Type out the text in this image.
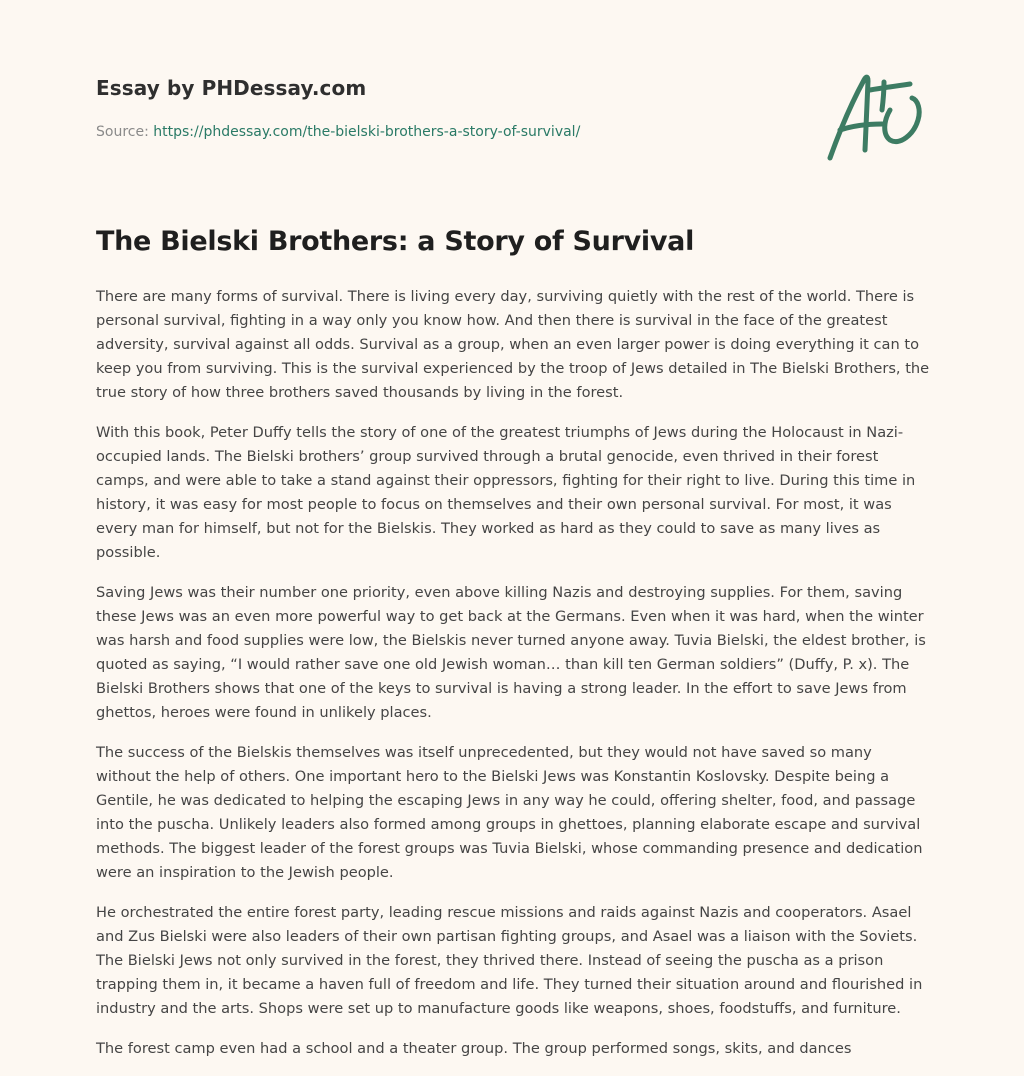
Essay by PHDessay.com
Source: https://phdessay.com/the-bielski-brothers-a-story-of-survival/
The Bielski Brothers: a Story of Survival

There are many forms of survival. There is living every day, surviving quietly with the rest of the world. There is personal survival, fighting in a way only you know how. And then there is survival in the face of the greatest adversity, survival against all odds. Survival as a group, when an even larger power is doing everything it can to keep you from surviving. This is the survival experienced by the troop of Jews detailed in The Bielski Brothers, the true story of how three brothers saved thousands by living in the forest.

With this book, Peter Duffy tells the story of one of the greatest triumphs of Jews during the Holocaust in Nazi-occupied lands. The Bielski brothers’ group survived through a brutal genocide, even thrived in their forest camps, and were able to take a stand against their oppressors, fighting for their right to live. During this time in history, it was easy for most people to focus on themselves and their own personal survival. For most, it was every man for himself, but not for the Bielskis. They worked as hard as they could to save as many lives as possible.

Saving Jews was their number one priority, even above killing Nazis and destroying supplies. For them, saving these Jews was an even more powerful way to get back at the Germans. Even when it was hard, when the winter was harsh and food supplies were low, the Bielskis never turned anyone away. Tuvia Bielski, the eldest brother, is quoted as saying, “I would rather save one old Jewish woman… than kill ten German soldiers” (Duffy, P. x). The Bielski Brothers shows that one of the keys to survival is having a strong leader. In the effort to save Jews from ghettos, heroes were found in unlikely places.

The success of the Bielskis themselves was itself unprecedented, but they would not have saved so many without the help of others. One important hero to the Bielski Jews was Konstantin Koslovsky. Despite being a Gentile, he was dedicated to helping the escaping Jews in any way he could, offering shelter, food, and passage into the puscha. Unlikely leaders also formed among groups in ghettoes, planning elaborate escape and survival methods. The biggest leader of the forest groups was Tuvia Bielski, whose commanding presence and dedication were an inspiration to the Jewish people.

He orchestrated the entire forest party, leading rescue missions and raids against Nazis and cooperators. Asael and Zus Bielski were also leaders of their own partisan fighting groups, and Asael was a liaison with the Soviets. The Bielski Jews not only survived in the forest, they thrived there. Instead of seeing the puscha as a prison trapping them in, it became a haven full of freedom and life. They turned their situation around and flourished in industry and the arts. Shops were set up to manufacture goods like weapons, shoes, foodstuffs, and furniture.

The forest camp even had a school and a theater group. The group performed songs, skits, and dances
